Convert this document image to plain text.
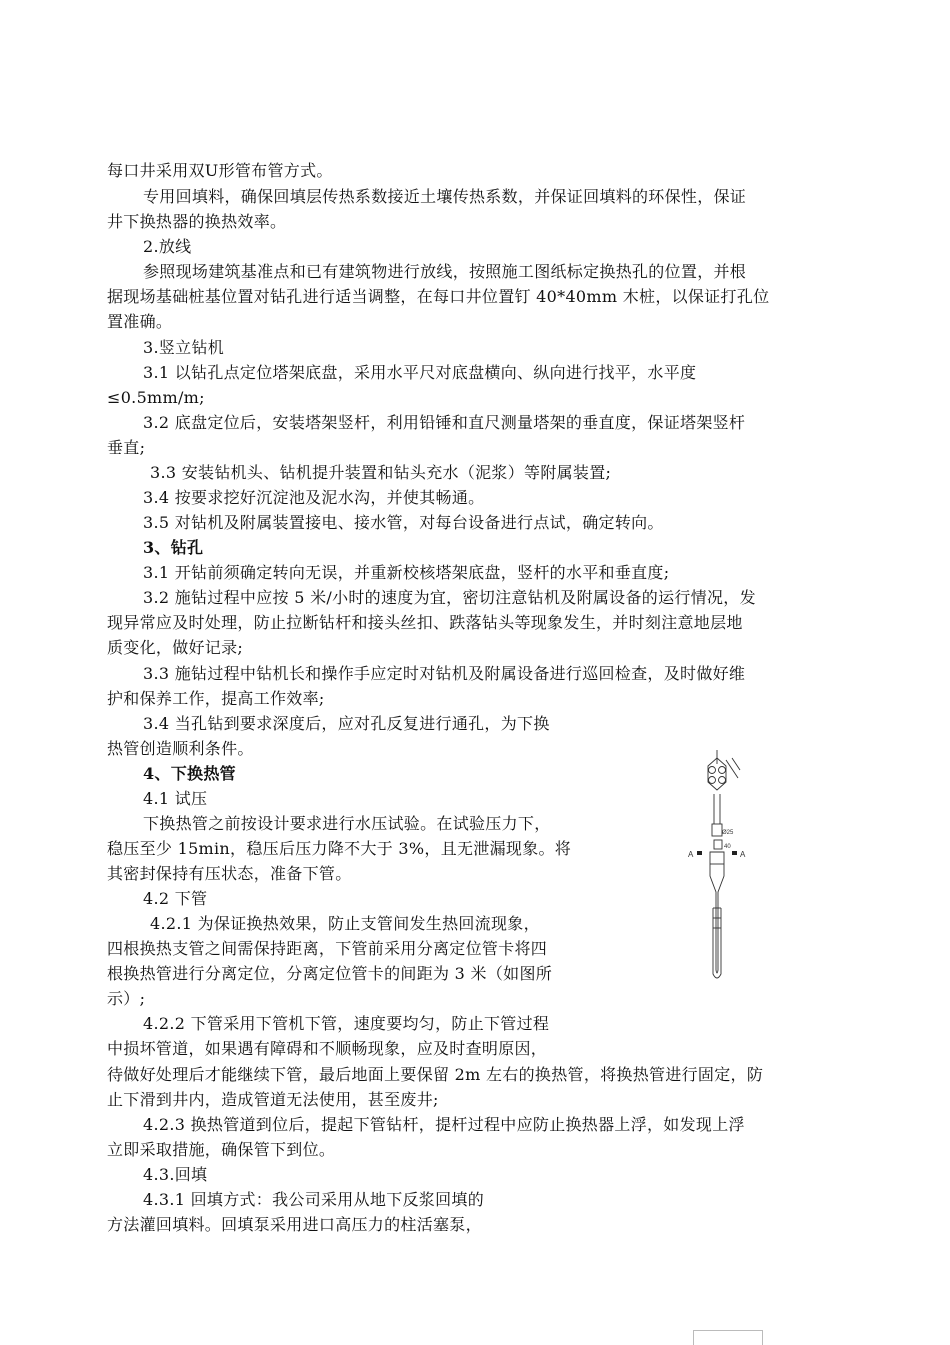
每口井采用双U形管布管方式。
专用回填料，确保回填层传热系数接近土壤传热系数，并保证回填料的环保性，保证
井下换热器的换热效率。
2.放线
参照现场建筑基准点和已有建筑物进行放线，按照施工图纸标定换热孔的位置，并根
据现场基础桩基位置对钻孔进行适当调整，在每口井位置钉 40*40mm 木桩，以保证打孔位
置准确。
3.竖立钻机
3.1 以钻孔点定位塔架底盘，采用水平尺对底盘横向、纵向进行找平，水平度
≤0.5mm/m;
3.2 底盘定位后，安装塔架竖杆，利用铅锤和直尺测量塔架的垂直度，保证塔架竖杆
垂直;
3.3 安装钻机头、钻机提升装置和钻头充水（泥浆）等附属装置;
3.4 按要求挖好沉淀池及泥水沟，并使其畅通。
3.5 对钻机及附属装置接电、接水管，对每台设备进行点试，确定转向。
3、钻孔
3.1 开钻前须确定转向无误，并重新校核塔架底盘，竖杆的水平和垂直度;
3.2 施钻过程中应按 5 米/小时的速度为宜，密切注意钻机及附属设备的运行情况，发
现异常应及时处理，防止拉断钻杆和接头丝扣、跌落钻头等现象发生，并时刻注意地层地
质变化，做好记录;
3.3 施钻过程中钻机长和操作手应定时对钻机及附属设备进行巡回检查，及时做好维
护和保养工作，提高工作效率;
3.4 当孔钻到要求深度后，应对孔反复进行通孔，为下换
热管创造顺利条件。
4、下换热管
4.1 试压
下换热管之前按设计要求进行水压试验。在试验压力下，
稳压至少 15min，稳压后压力降不大于 3%，且无泄漏现象。将
其密封保持有压状态，准备下管。
4.2 下管
4.2.1 为保证换热效果，防止支管间发生热回流现象，
四根换热支管之间需保持距离，下管前采用分离定位管卡将四
根换热管进行分离定位，分离定位管卡的间距为 3 米（如图所
示）;
4.2.2 下管采用下管机下管，速度要均匀，防止下管过程
中损坏管道，如果遇有障碍和不顺畅现象，应及时查明原因，
待做好处理后才能继续下管，最后地面上要保留 2m 左右的换热管，将换热管进行固定，防
止下滑到井内，造成管道无法使用，甚至废井;
4.2.3 换热管道到位后，提起下管钻杆，提杆过程中应防止换热器上浮，如发现上浮
立即采取措施，确保管下到位。
4.3.回填
4.3.1 回填方式：我公司采用从地下反浆回填的
方法灌回填料。回填泵采用进口高压力的柱活塞泵，
A	A
Ø25
40
